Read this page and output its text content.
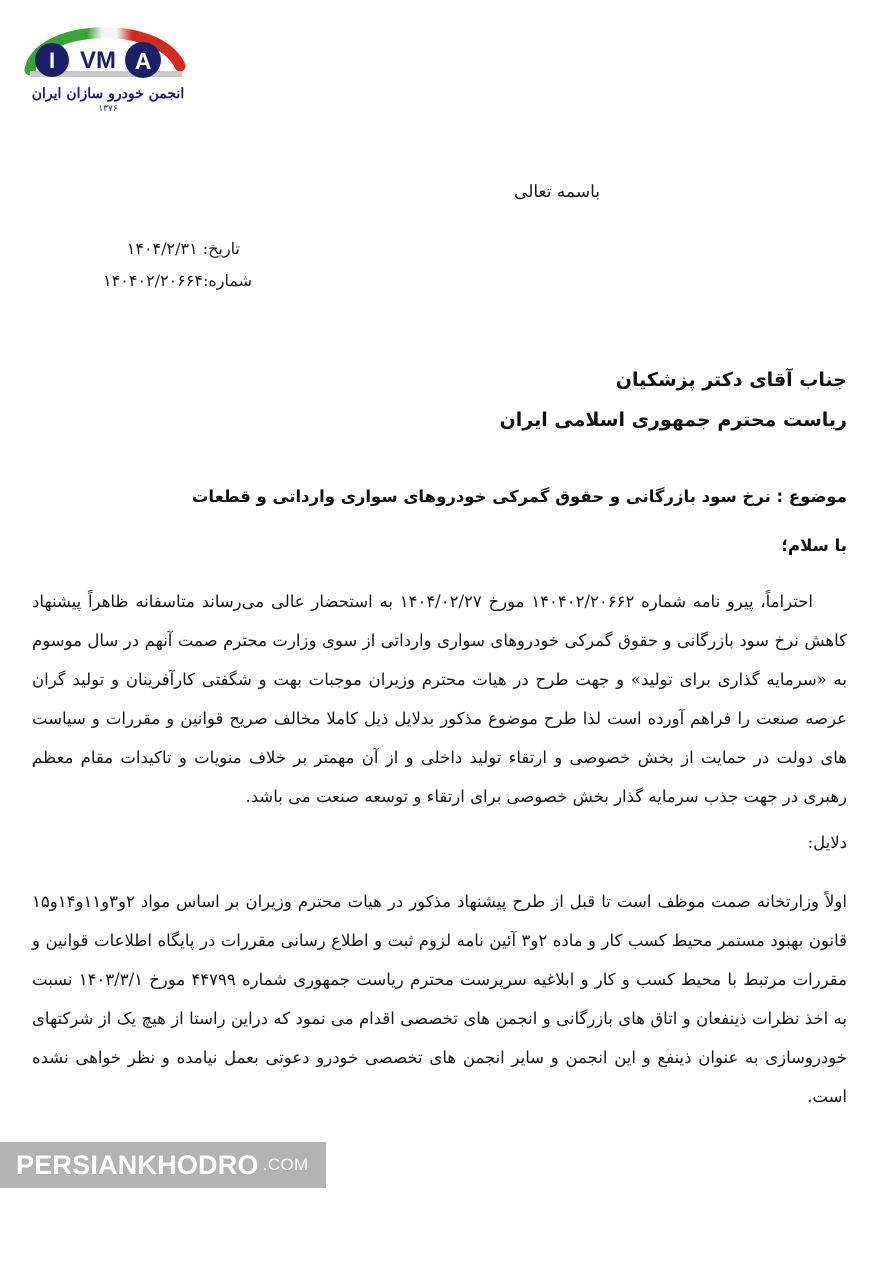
I VM A
انجمن خودرو سازان ایران
۱۳۷۶
باسمه تعالی
تاریخ: ۱۴۰۴/۲/۳۱
شماره:۱۴۰۴۰۲/۲۰۶۶۴
جناب آقای دکتر پزشکیان
ریاست محترم جمهوری اسلامی ایران
موضوع : نرخ سود بازرگانی و حقوق گمرکی خودروهای سواری وارداتی و قطعات
با سلام؛
احتراماً، پیرو نامه شماره ۱۴۰۴۰۲/۲۰۶۶۲ مورخ ۱۴۰۴/۰۲/۲۷ به استحضار عالی می‌رساند متاسفانه ظاهراً پیشنهاد کاهش نرخ سود بازرگانی و حقوق گمرکی خودروهای سواری وارداتی از سوی وزارت محترم صمت آنهم در سال موسوم به «سرمایه گذاری برای تولید» و جهت طرح در هیات محترم وزیران موجبات بهت و شگفتی کارآفرینان و تولید گران عرصه صنعت را فراهم آورده است لذا طرح موضوع مذکور بدلایل ذیل کاملا مخالف صریح قوانین و مقررات و سیاست های دولت در حمایت از بخش خصوصی و ارتقاء تولید داخلی و از آن مهمتر بر خلاف منویات و تاکیدات مقام معظم رهبری در جهت جذب سرمایه گذار بخش خصوصی برای ارتقاء و توسعه صنعت می باشد.
دلایل:
اولاً وزارتخانه صمت موظف است تا قبل از طرح پیشنهاد مذکور در هیات محترم وزیران بر اساس مواد ۲و۳و۱۱و۱۴و۱۵ قانون بهبود مستمر محیط کسب کار و ماده ۲و۳ آئین نامه لزوم ثبت و اطلاع رسانی مقررات در پایگاه اطلاعات قوانین و مقررات مرتبط با محیط کسب و کار و ابلاغیه سرپرست محترم ریاست جمهوری شماره ۴۴۷۹۹ مورخ ۱۴۰۳/۳/۱ نسبت به اخذ نظرات ذینفعان و اتاق های بازرگانی و انجمن های تخصصی اقدام می نمود که دراین راستا از هیچ یک از شرکتهای خودروسازی به عنوان ذینفع و این انجمن و سایر انجمن های تخصصی خودرو دعوتی بعمل نیامده و نظر خواهی نشده است.
PERSIANKHODRO .COM
